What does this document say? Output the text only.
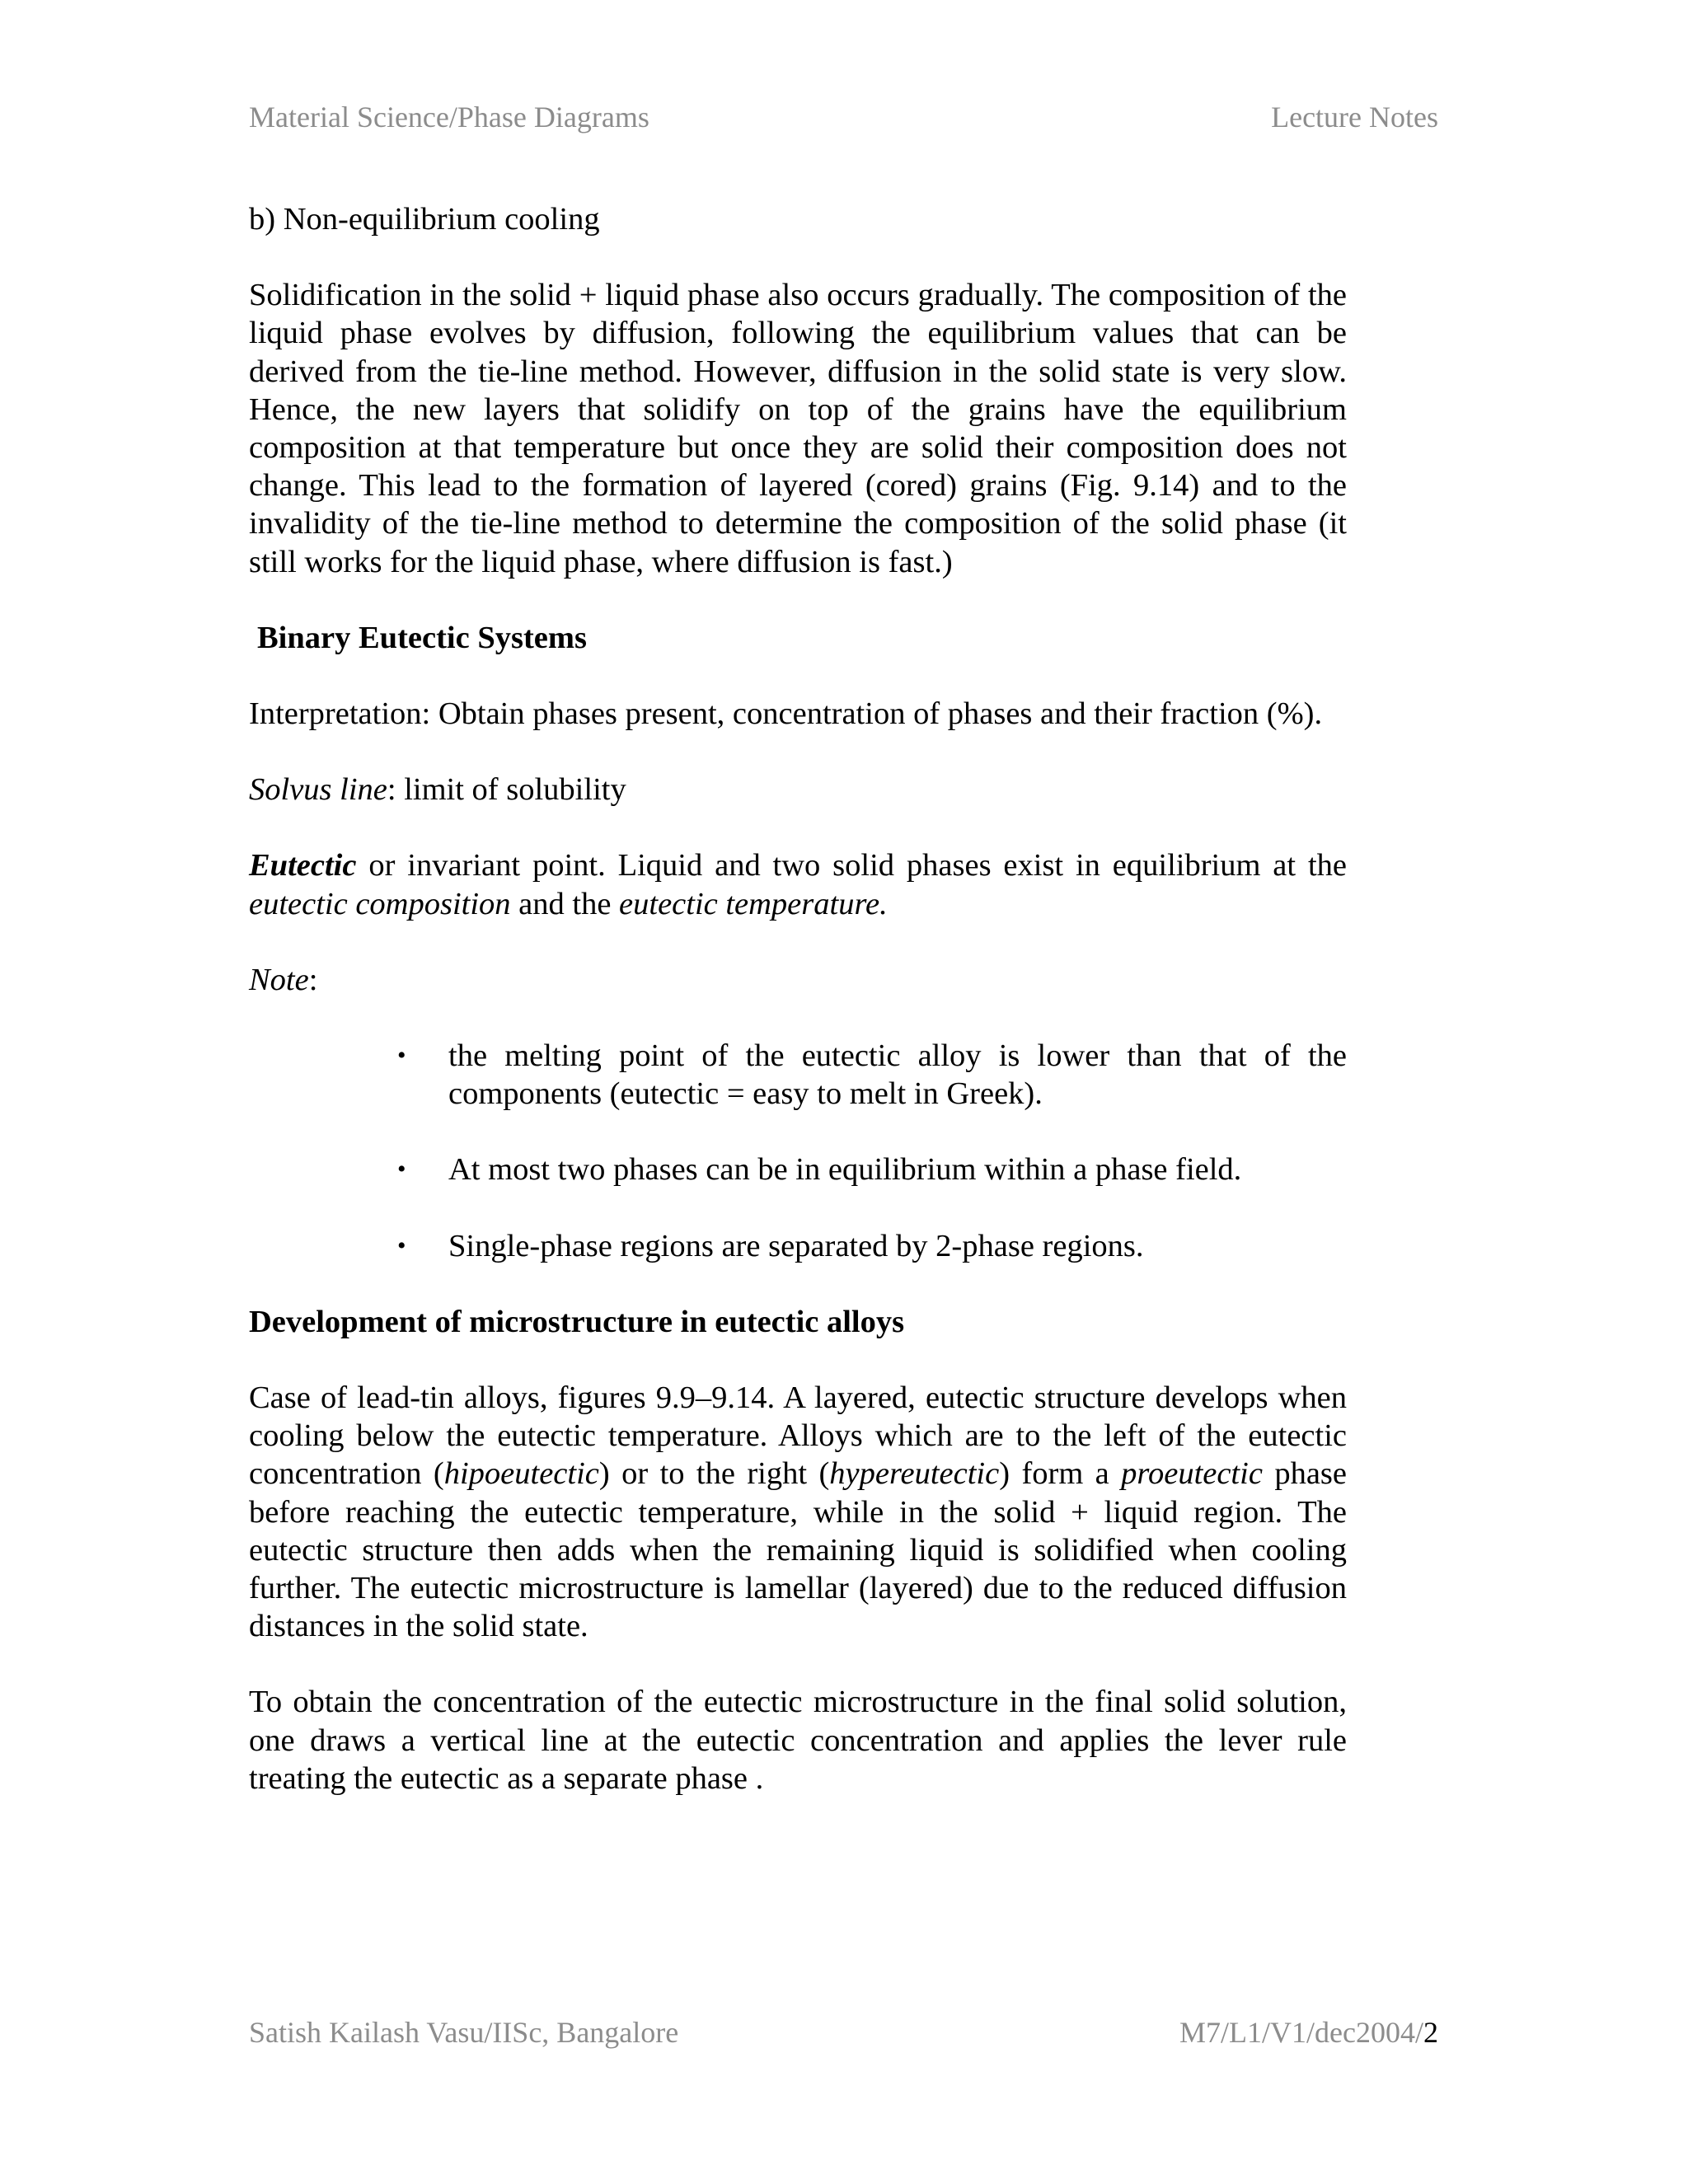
Material Science/Phase Diagrams	Lecture Notes

b) Non-equilibrium cooling

Solidification in the solid + liquid phase also occurs gradually. The composition of the liquid phase evolves by diffusion, following the equilibrium values that can be derived from the tie-line method. However, diffusion in the solid state is very slow. Hence, the new layers that solidify on top of the grains have the equilibrium composition at that temperature but once they are solid their composition does not change. This lead to the formation of layered (cored) grains (Fig. 9.14) and to the invalidity of the tie-line method to determine the composition of the solid phase (it still works for the liquid phase, where diffusion is fast.)

Binary Eutectic Systems

Interpretation: Obtain phases present, concentration of phases and their fraction (%).

Solvus line: limit of solubility

Eutectic or invariant point. Liquid and two solid phases exist in equilibrium at the eutectic composition and the eutectic temperature.

Note:

• the melting point of the eutectic alloy is lower than that of the components (eutectic = easy to melt in Greek).
• At most two phases can be in equilibrium within a phase field.
• Single-phase regions are separated by 2-phase regions.

Development of microstructure in eutectic alloys

Case of lead-tin alloys, figures 9.9–9.14. A layered, eutectic structure develops when cooling below the eutectic temperature. Alloys which are to the left of the eutectic concentration (hipoeutectic) or to the right (hypereutectic) form a proeutectic phase before reaching the eutectic temperature, while in the solid + liquid region. The eutectic structure then adds when the remaining liquid is solidified when cooling further. The eutectic microstructure is lamellar (layered) due to the reduced diffusion distances in the solid state.

To obtain the concentration of the eutectic microstructure in the final solid solution, one draws a vertical line at the eutectic concentration and applies the lever rule treating the eutectic as a separate phase .

Satish Kailash Vasu/IISc, Bangalore	M7/L1/V1/dec2004/2
